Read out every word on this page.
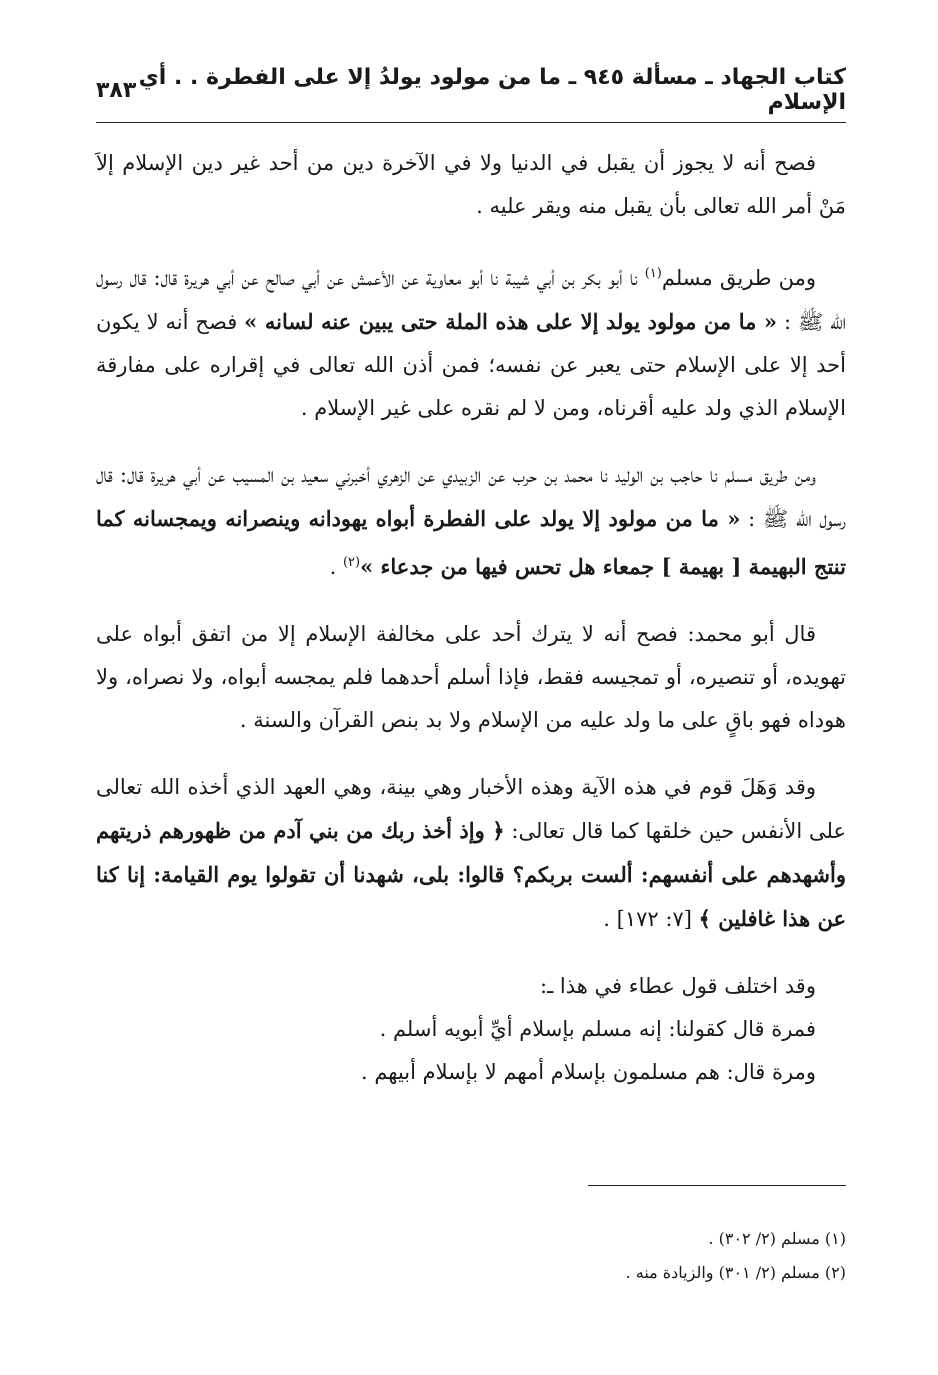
كتاب الجهاد ـ مسألة ٩٤٥ ـ ما من مولود يولدُ إلا على الفطرة . . أي الإسلام
٣٨٣

فصح أنه لا يجوز أن يقبل في الدنيا ولا في الآخرة دين من أحد غير دين الإسلام إلاَ مَنْ أمر الله تعالى بأن يقبل منه ويقر عليه .

ومن طريق مسلم$^{(١)}$ نا أبو بكر بن أبي شيبة نا أبو معاوية عن الأعمش عن أبي صالح عن أبي هريرة قال: قال رسول الله ﷺ : « ما من مولود يولد إلا على هذه الملة حتى يبين عنه لسانه » فصح أنه لا يكون أحد إلا على الإسلام حتى يعبر عن نفسه؛ فمن أذن الله تعالى في إقراره على مفارقة الإسلام الذي ولد عليه أقرناه، ومن لا لم نقره على غير الإسلام .

ومن طريق مسلم نا حاجب بن الوليد نا محمد بن حرب عن الزبيدي عن الزهري أخبرني سعيد بن المسيب عن أبي هريرة قال: قال رسول الله ﷺ : « ما من مولود إلا يولد على الفطرة أبواه يهودانه وينصرانه ويمجسانه كما تنتج البهيمة [ بهيمة ] جمعاء هل تحس فيها من جدعاء »$^{(٢)}$ .

قال أبو محمد: فصح أنه لا يترك أحد على مخالفة الإسلام إلا من اتفق أبواه على تهويده، أو تنصيره، أو تمجيسه فقط، فإذا أسلم أحدهما فلم يمجسه أبواه، ولا نصراه، ولا هوداه فهو باقٍ على ما ولد عليه من الإسلام ولا بد بنص القرآن والسنة .

وقد وَهَلَ قوم في هذه الآية وهذه الأخبار وهي بينة، وهي العهد الذي أخذه الله تعالى على الأنفس حين خلقها كما قال تعالى: ﴿ وإذ أخذ ربك من بني آدم من ظهورهم ذريتهم وأشهدهم على أنفسهم: ألست بربكم؟ قالوا: بلى، شهدنا أن تقولوا يوم القيامة: إنا كنا عن هذا غافلين ﴾ [٧: ١٧٢] .

وقد اختلف قول عطاء في هذا ـ:
فمرة قال كقولنا: إنه مسلم بإسلام أيِّ أبويه أسلم .
ومرة قال: هم مسلمون بإسلام أمهم لا بإسلام أبيهم .
(١) مسلم (٢/ ٣٠٢) .
(٢) مسلم (٢/ ٣٠١) والزيادة منه .
